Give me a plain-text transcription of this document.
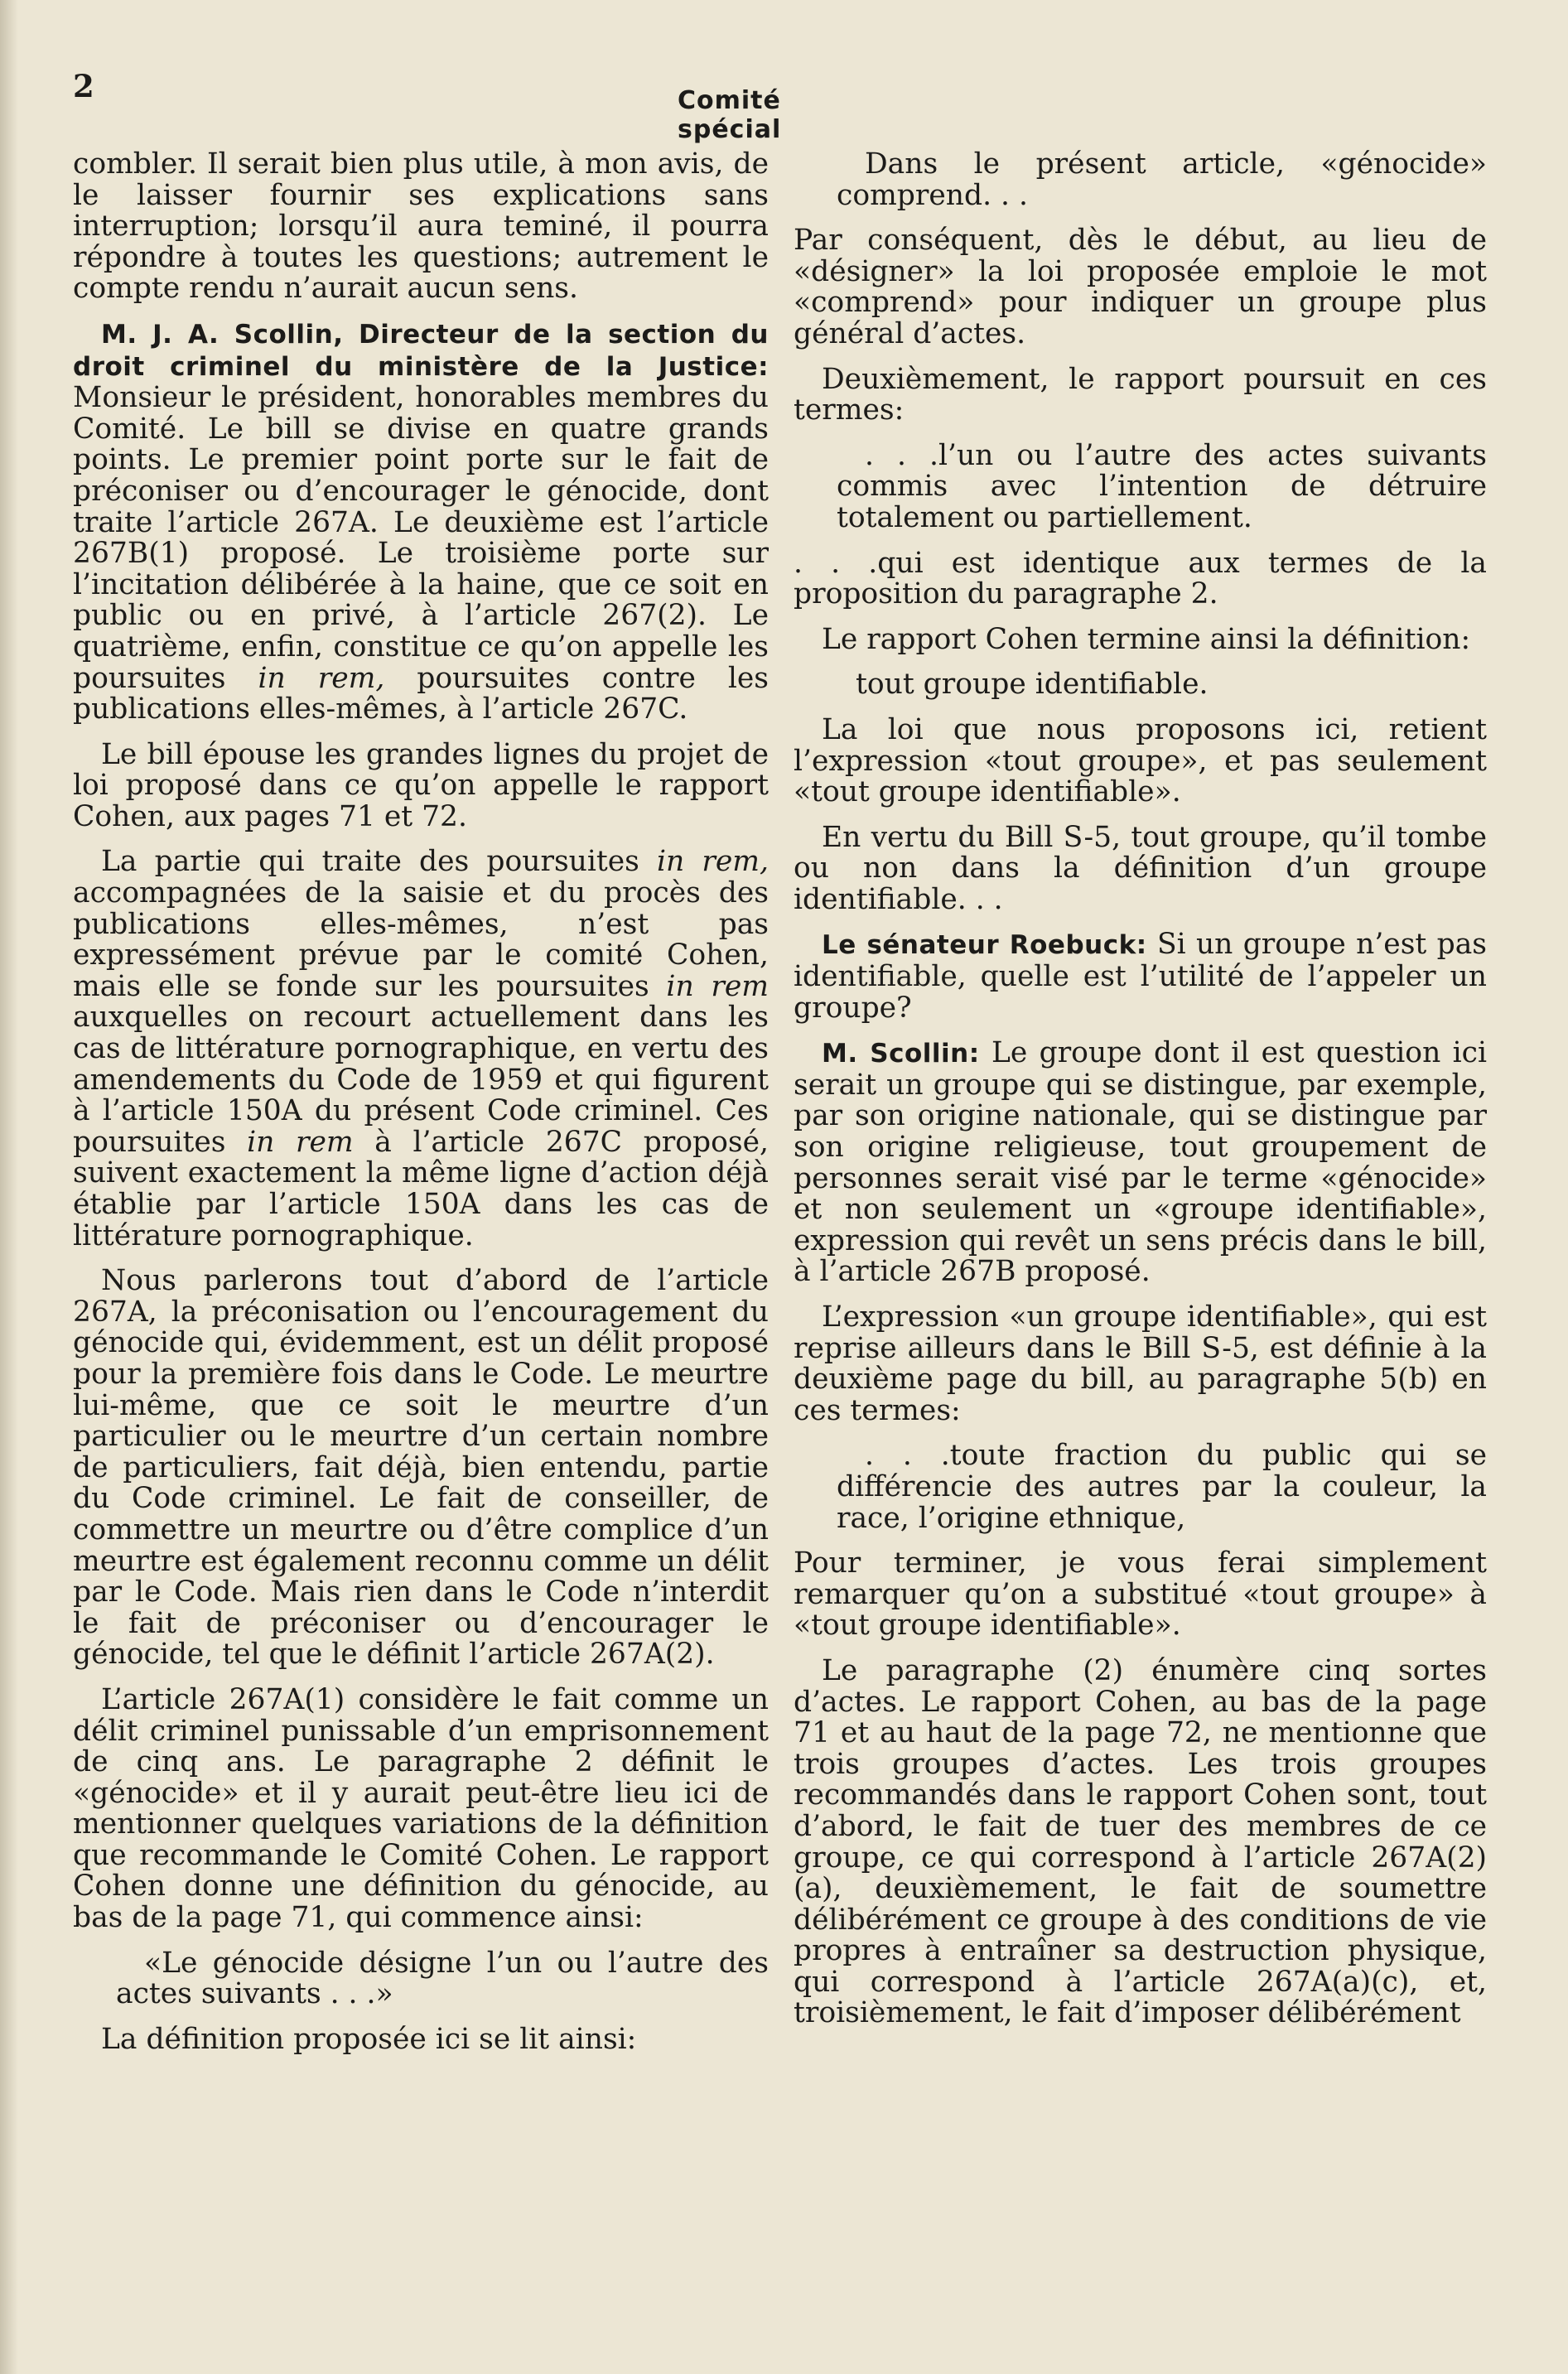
2	Comité spécial

combler. Il serait bien plus utile, à mon avis, de le laisser fournir ses explications sans interruption; lorsqu’il aura teminé, il pourra répondre à toutes les questions; autrement le compte rendu n’aurait aucun sens.

M. J. A. Scollin, Directeur de la section du droit criminel du ministère de la Justice: Monsieur le président, honorables membres du Comité. Le bill se divise en quatre grands points. Le premier point porte sur le fait de préconiser ou d’encourager le génocide, dont traite l’article 267A. Le deuxième est l’article 267B(1) proposé. Le troisième porte sur l’incitation délibérée à la haine, que ce soit en public ou en privé, à l’article 267(2). Le quatrième, enfin, constitue ce qu’on appelle les poursuites in rem, poursuites contre les publications elles-mêmes, à l’article 267C.

Le bill épouse les grandes lignes du projet de loi proposé dans ce qu’on appelle le rapport Cohen, aux pages 71 et 72.

La partie qui traite des poursuites in rem, accompagnées de la saisie et du procès des publications elles-mêmes, n’est pas expressément prévue par le comité Cohen, mais elle se fonde sur les poursuites in rem auxquelles on recourt actuellement dans les cas de littérature pornographique, en vertu des amendements du Code de 1959 et qui figurent à l’article 150A du présent Code criminel. Ces poursuites in rem à l’article 267C proposé, suivent exactement la même ligne d’action déjà établie par l’article 150A dans les cas de littérature pornographique.

Nous parlerons tout d’abord de l’article 267A, la préconisation ou l’encouragement du génocide qui, évidemment, est un délit proposé pour la première fois dans le Code. Le meurtre lui-même, que ce soit le meurtre d’un particulier ou le meurtre d’un certain nombre de particuliers, fait déjà, bien entendu, partie du Code criminel. Le fait de conseiller, de commettre un meurtre ou d’être complice d’un meurtre est également reconnu comme un délit par le Code. Mais rien dans le Code n’interdit le fait de préconiser ou d’encourager le génocide, tel que le définit l’article 267A(2).

L’article 267A(1) considère le fait comme un délit criminel punissable d’un emprisonnement de cinq ans. Le paragraphe 2 définit le «génocide» et il y aurait peut-être lieu ici de mentionner quelques variations de la définition que recommande le Comité Cohen. Le rapport Cohen donne une définition du génocide, au bas de la page 71, qui commence ainsi:

«Le génocide désigne l’un ou l’autre des actes suivants . . .»

La définition proposée ici se lit ainsi:

Dans le présent article, «génocide» comprend. . .

Par conséquent, dès le début, au lieu de «désigner» la loi proposée emploie le mot «comprend» pour indiquer un groupe plus général d’actes.

Deuxièmement, le rapport poursuit en ces termes:

. . .l’un ou l’autre des actes suivants commis avec l’intention de détruire totalement ou partiellement.

. . .qui est identique aux termes de la proposition du paragraphe 2.

Le rapport Cohen termine ainsi la définition:

tout groupe identifiable.

La loi que nous proposons ici, retient l’expression «tout groupe», et pas seulement «tout groupe identifiable».

En vertu du Bill S-5, tout groupe, qu’il tombe ou non dans la définition d’un groupe identifiable. . .

Le sénateur Roebuck: Si un groupe n’est pas identifiable, quelle est l’utilité de l’appeler un groupe?

M. Scollin: Le groupe dont il est question ici serait un groupe qui se distingue, par exemple, par son origine nationale, qui se distingue par son origine religieuse, tout groupement de personnes serait visé par le terme «génocide» et non seulement un «groupe identifiable», expression qui revêt un sens précis dans le bill, à l’article 267B proposé.

L’expression «un groupe identifiable», qui est reprise ailleurs dans le Bill S-5, est définie à la deuxième page du bill, au paragraphe 5(b) en ces termes:

. . .toute fraction du public qui se différencie des autres par la couleur, la race, l’origine ethnique,

Pour terminer, je vous ferai simplement remarquer qu’on a substitué «tout groupe» à «tout groupe identifiable».

Le paragraphe (2) énumère cinq sortes d’actes. Le rapport Cohen, au bas de la page 71 et au haut de la page 72, ne mentionne que trois groupes d’actes. Les trois groupes recommandés dans le rapport Cohen sont, tout d’abord, le fait de tuer des membres de ce groupe, ce qui correspond à l’article 267A(2)(a), deuxièmement, le fait de soumettre délibérément ce groupe à des conditions de vie propres à entraîner sa destruction physique, qui correspond à l’article 267A(a)(c), et, troisièmement, le fait d’imposer délibérément
